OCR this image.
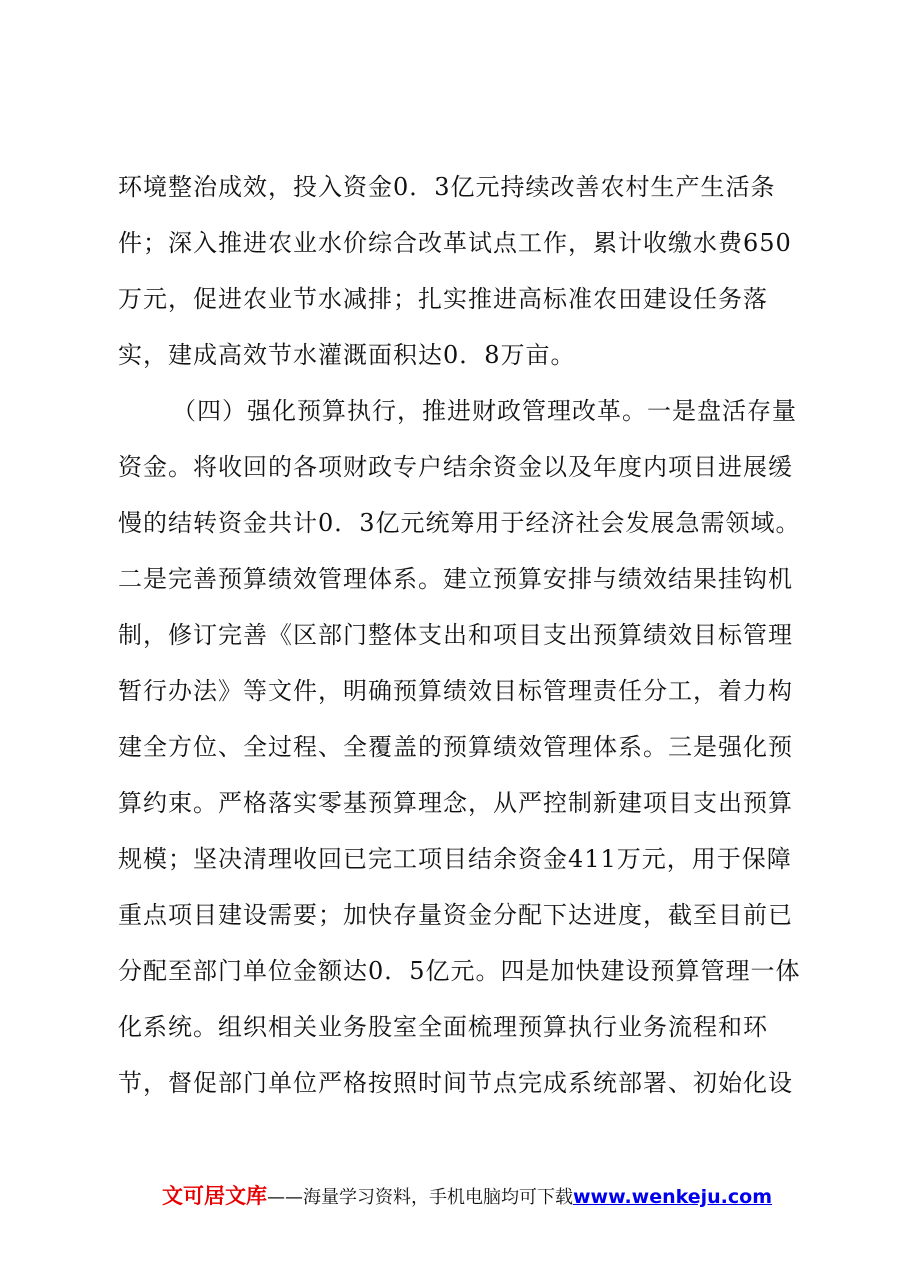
环境整治成效，投入资金0．3亿元持续改善农村生产生活条
件；深入推进农业水价综合改革试点工作，累计收缴水费650
万元，促进农业节水减排；扎实推进高标准农田建设任务落
实，建成高效节水灌溉面积达0．8万亩。
（四）强化预算执行，推进财政管理改革。一是盘活存量
资金。将收回的各项财政专户结余资金以及年度内项目进展缓
慢的结转资金共计0．3亿元统筹用于经济社会发展急需领域。
二是完善预算绩效管理体系。建立预算安排与绩效结果挂钩机
制，修订完善《区部门整体支出和项目支出预算绩效目标管理
暂行办法》等文件，明确预算绩效目标管理责任分工，着力构
建全方位、全过程、全覆盖的预算绩效管理体系。三是强化预
算约束。严格落实零基预算理念，从严控制新建项目支出预算
规模；坚决清理收回已完工项目结余资金411万元，用于保障
重点项目建设需要；加快存量资金分配下达进度，截至目前已
分配至部门单位金额达0．5亿元。四是加快建设预算管理一体
化系统。组织相关业务股室全面梳理预算执行业务流程和环
节，督促部门单位严格按照时间节点完成系统部署、初始化设
文可居文库——海量学习资料，手机电脑均可下载www.wenkeju.com
